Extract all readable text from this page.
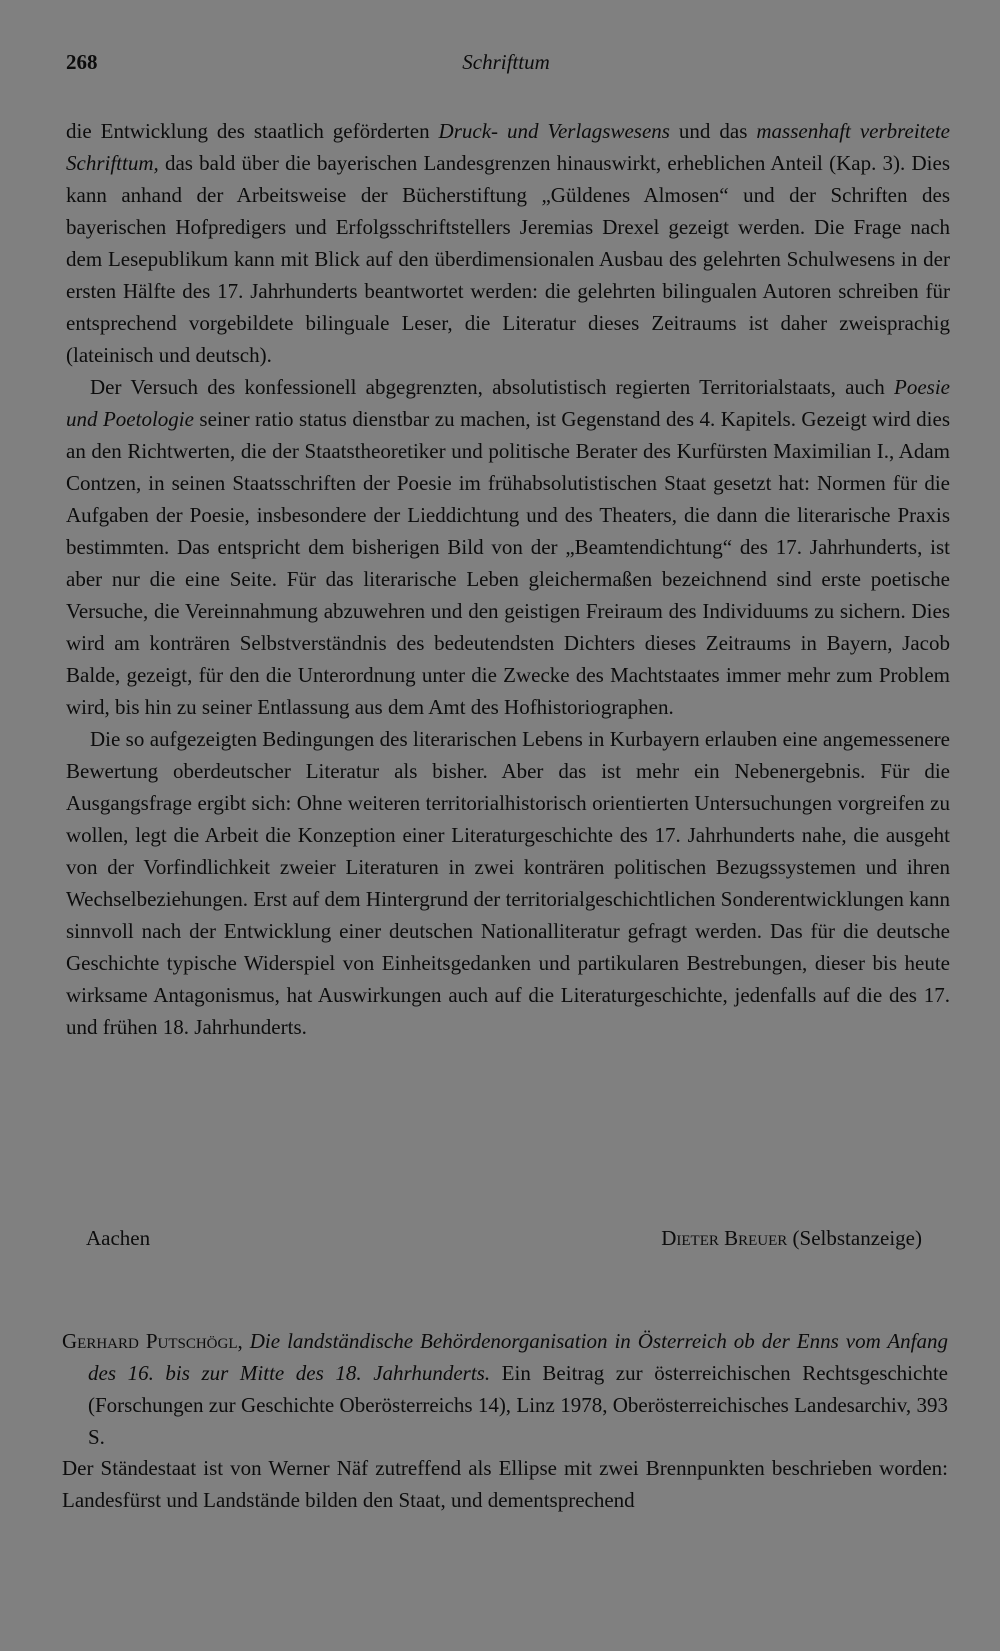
268	Schrifttum

die Entwicklung des staatlich geförderten Druck- und Verlagswesens und das massenhaft verbreitete Schrifttum, das bald über die bayerischen Landesgrenzen hinauswirkt, erheblichen Anteil (Kap. 3). Dies kann anhand der Arbeitsweise der Bücherstiftung „Güldenes Almosen“ und der Schriften des bayerischen Hofpredigers und Erfolgsschriftstellers Jeremias Drexel gezeigt werden. Die Frage nach dem Lesepublikum kann mit Blick auf den überdimensionalen Ausbau des gelehrten Schulwesens in der ersten Hälfte des 17. Jahrhunderts beantwortet werden: die gelehrten bilingualen Autoren schreiben für entsprechend vorgebildete bilinguale Leser, die Literatur dieses Zeitraums ist daher zweisprachig (lateinisch und deutsch).

Der Versuch des konfessionell abgegrenzten, absolutistisch regierten Territorialstaats, auch Poesie und Poetologie seiner ratio status dienstbar zu machen, ist Gegenstand des 4. Kapitels. Gezeigt wird dies an den Richtwerten, die der Staatstheoretiker und politische Berater des Kurfürsten Maximilian I., Adam Contzen, in seinen Staatsschriften der Poesie im frühabsolutistischen Staat gesetzt hat: Normen für die Aufgaben der Poesie, insbesondere der Lieddichtung und des Theaters, die dann die literarische Praxis bestimmten. Das entspricht dem bisherigen Bild von der „Beamtendichtung“ des 17. Jahrhunderts, ist aber nur die eine Seite. Für das literarische Leben gleichermaßen bezeichnend sind erste poetische Versuche, die Vereinnahmung abzuwehren und den geistigen Freiraum des Individuums zu sichern. Dies wird am konträren Selbstverständnis des bedeutendsten Dichters dieses Zeitraums in Bayern, Jacob Balde, gezeigt, für den die Unterordnung unter die Zwecke des Machtstaates immer mehr zum Problem wird, bis hin zu seiner Entlassung aus dem Amt des Hofhistoriographen.

Die so aufgezeigten Bedingungen des literarischen Lebens in Kurbayern erlauben eine angemessenere Bewertung oberdeutscher Literatur als bisher. Aber das ist mehr ein Nebenergebnis. Für die Ausgangsfrage ergibt sich: Ohne weiteren territorialhistorisch orientierten Untersuchungen vorgreifen zu wollen, legt die Arbeit die Konzeption einer Literaturgeschichte des 17. Jahrhunderts nahe, die ausgeht von der Vorfindlichkeit zweier Literaturen in zwei konträren politischen Bezugssystemen und ihren Wechselbeziehungen. Erst auf dem Hintergrund der territorialgeschichtlichen Sonderentwicklungen kann sinnvoll nach der Entwicklung einer deutschen Nationalliteratur gefragt werden. Das für die deutsche Geschichte typische Widerspiel von Einheitsgedanken und partikularen Bestrebungen, dieser bis heute wirksame Antagonismus, hat Auswirkungen auch auf die Literaturgeschichte, jedenfalls auf die des 17. und frühen 18. Jahrhunderts.

Aachen	Dieter Breuer (Selbstanzeige)

Gerhard Putschögl, Die landständische Behördenorganisation in Österreich ob der Enns vom Anfang des 16. bis zur Mitte des 18. Jahrhunderts. Ein Beitrag zur österreichischen Rechtsgeschichte (Forschungen zur Geschichte Oberösterreichs 14), Linz 1978, Oberösterreichisches Landesarchiv, 393 S.

Der Ständestaat ist von Werner Näf zutreffend als Ellipse mit zwei Brennpunkten beschrieben worden: Landesfürst und Landstände bilden den Staat, und dementsprechend
